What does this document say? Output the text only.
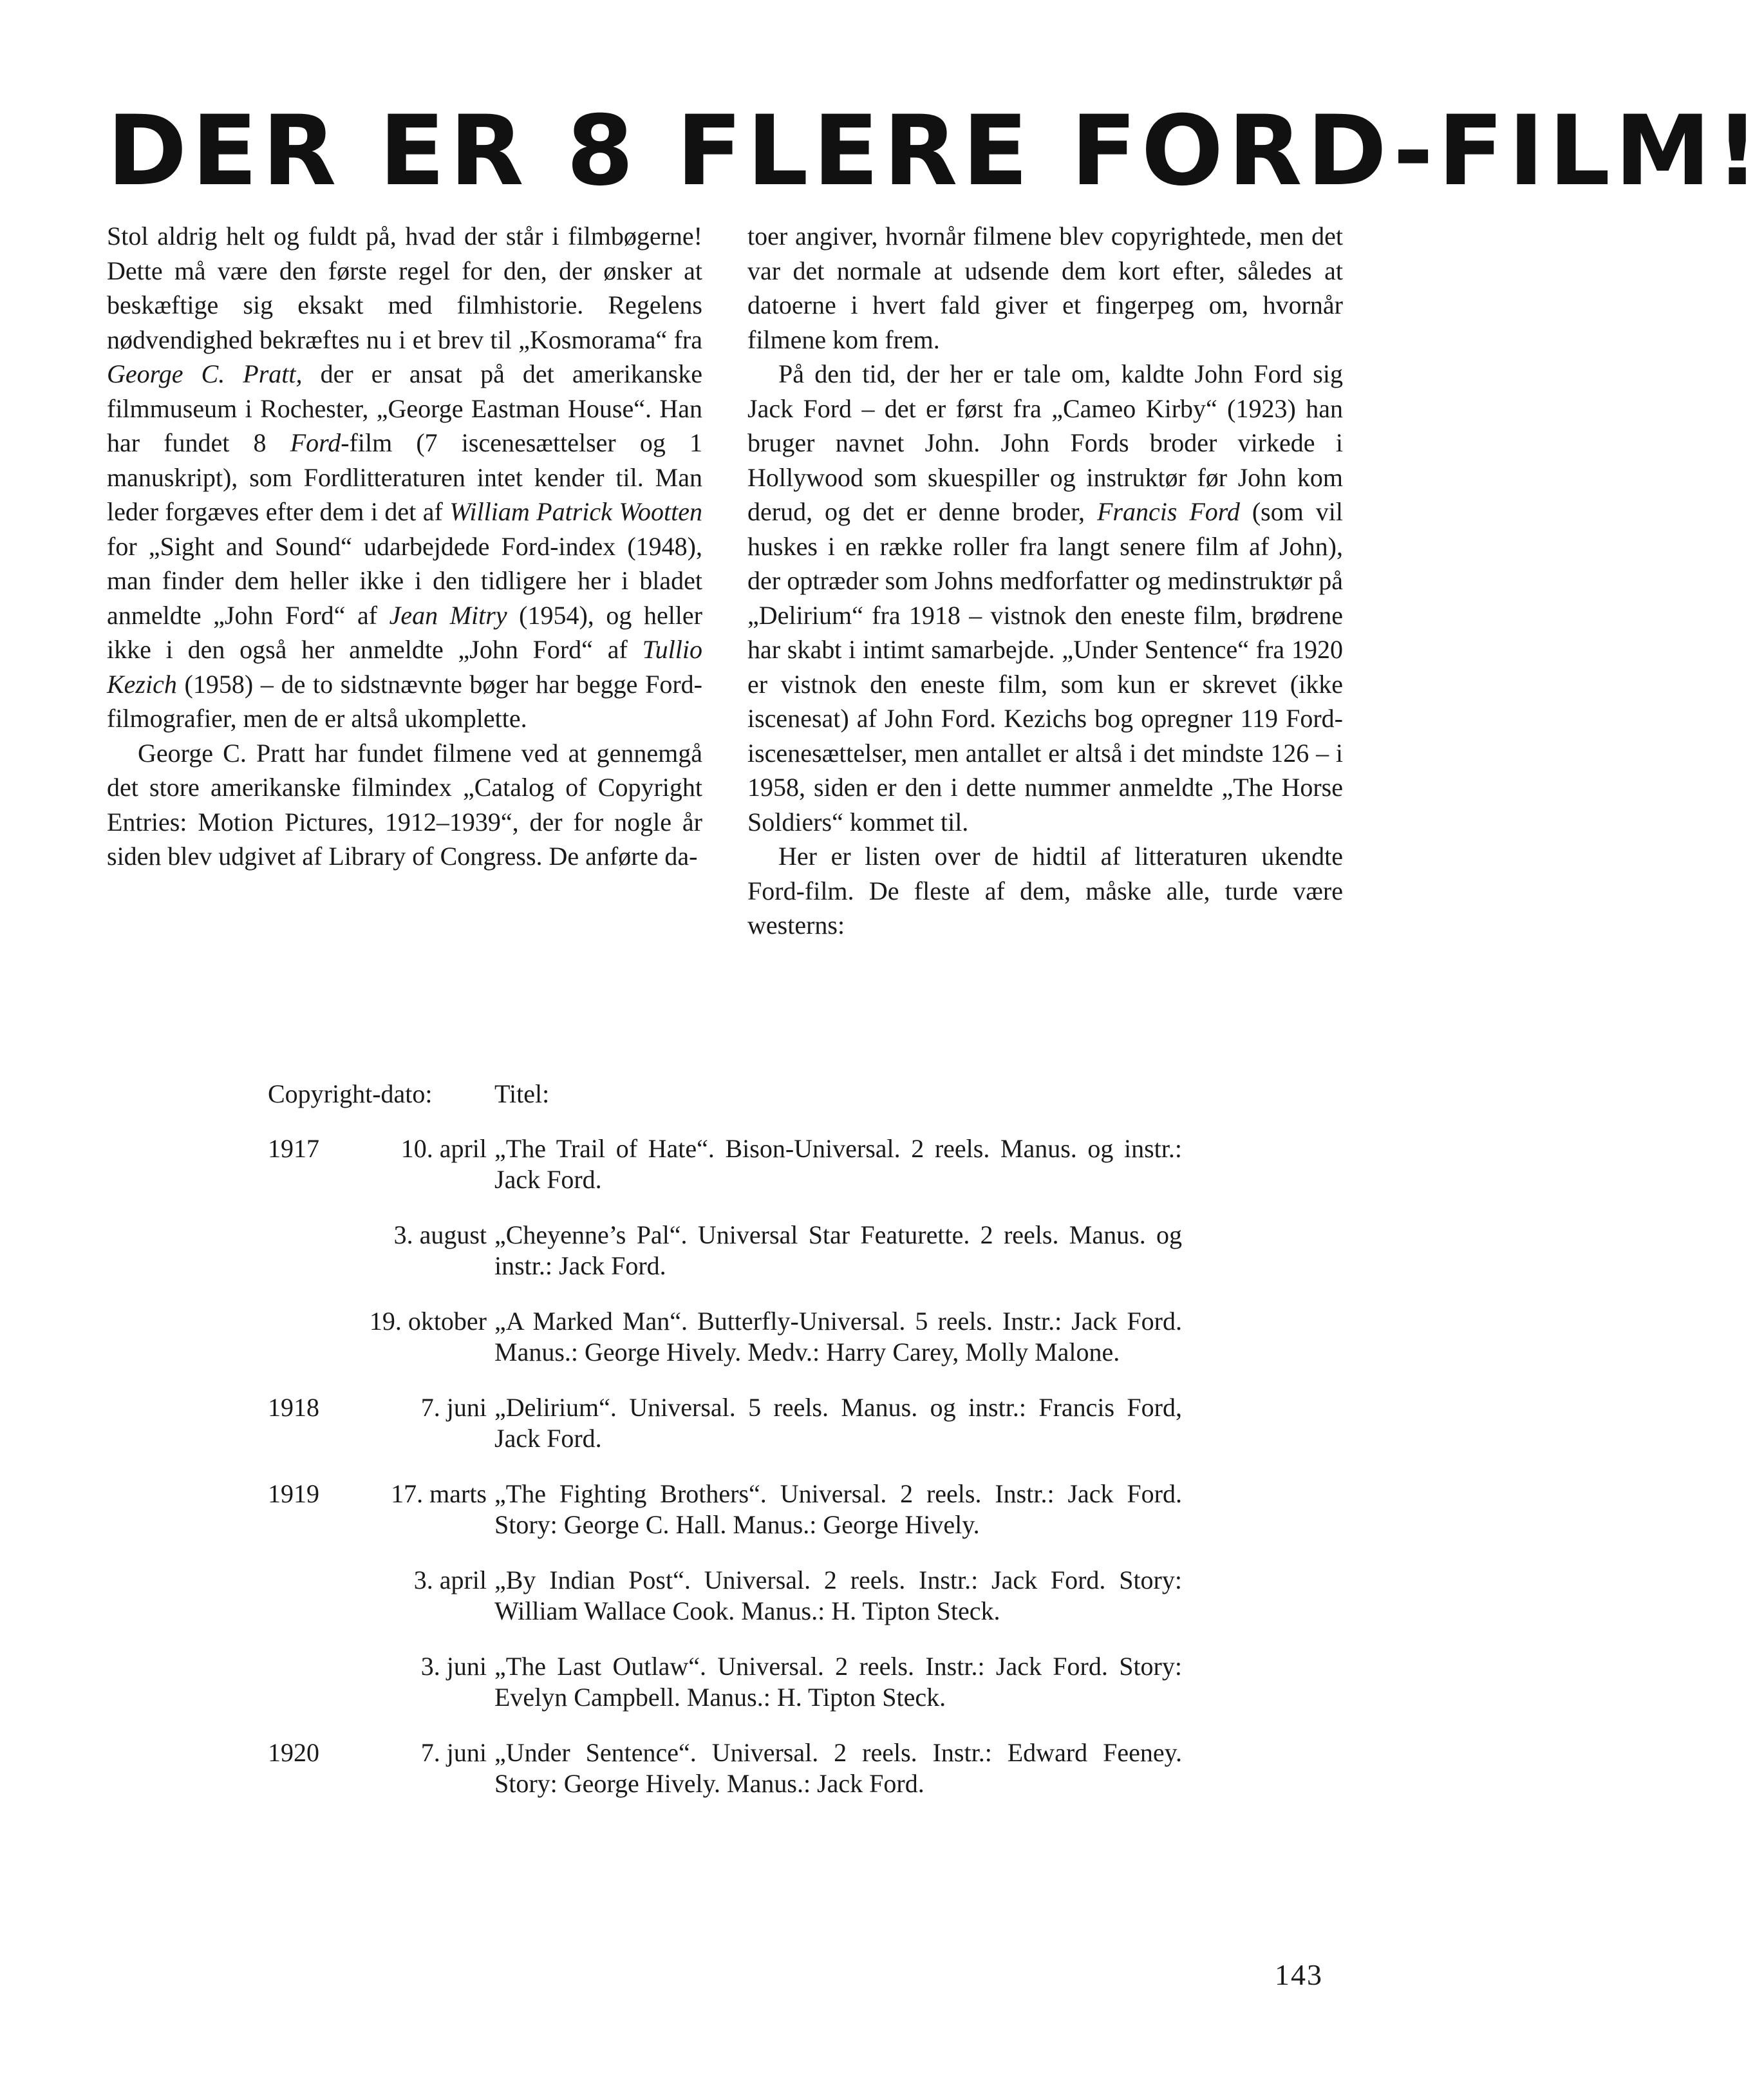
DER ER 8 FLERE FORD-FILM!

Stol aldrig helt og fuldt på, hvad der står i filmbøgerne! Dette må være den første regel for den, der ønsker at beskæftige sig eksakt med filmhistorie. Regelens nødvendighed bekræftes nu i et brev til „Kosmorama“ fra George C. Pratt, der er ansat på det amerikanske filmmuseum i Rochester, „George Eastman House“. Han har fundet 8 Ford-film (7 iscenesættelser og 1 manuskript), som Fordlitteraturen intet kender til. Man leder forgæves efter dem i det af William Patrick Wootten for „Sight and Sound“ udarbejdede Ford-index (1948), man finder dem heller ikke i den tidligere her i bladet anmeldte „John Ford“ af Jean Mitry (1954), og heller ikke i den også her anmeldte „John Ford“ af Tullio Kezich (1958) – de to sidstnævnte bøger har begge Ford-filmografier, men de er altså ukomplette.

George C. Pratt har fundet filmene ved at gennemgå det store amerikanske filmindex „Catalog of Copyright Entries: Motion Pictures, 1912–1939“, der for nogle år siden blev udgivet af Library of Congress. De anførte da-

toer angiver, hvornår filmene blev copyrightede, men det var det normale at udsende dem kort efter, således at datoerne i hvert fald giver et fingerpeg om, hvornår filmene kom frem.

På den tid, der her er tale om, kaldte John Ford sig Jack Ford – det er først fra „Cameo Kirby“ (1923) han bruger navnet John. John Fords broder virkede i Hollywood som skuespiller og instruktør før John kom derud, og det er denne broder, Francis Ford (som vil huskes i en række roller fra langt senere film af John), der optræder som Johns medforfatter og medinstruktør på „Delirium“ fra 1918 – vistnok den eneste film, brødrene har skabt i intimt samarbejde. „Under Sentence“ fra 1920 er vistnok den eneste film, som kun er skrevet (ikke iscenesat) af John Ford. Kezichs bog opregner 119 Ford-iscenesættelser, men antallet er altså i det mindste 126 – i 1958, siden er den i dette nummer anmeldte „The Horse Soldiers“ kommet til.

Her er listen over de hidtil af litteraturen ukendte Ford-film. De fleste af dem, måske alle, turde være westerns:

Copyright-dato:	Titel:
1917	10. april „The Trail of Hate“. Bison-Universal. 2 reels. Manus. og instr.: Jack Ford.
3. august „Cheyenne’s Pal“. Universal Star Featurette. 2 reels. Manus. og instr.: Jack Ford.
19. oktober „A Marked Man“. Butterfly-Universal. 5 reels. Instr.: Jack Ford. Manus.: George Hively. Medv.: Harry Carey, Molly Malone.
1918	7. juni „Delirium“. Universal. 5 reels. Manus. og instr.: Francis Ford, Jack Ford.
1919	17. marts „The Fighting Brothers“. Universal. 2 reels. Instr.: Jack Ford. Story: George C. Hall. Manus.: George Hively.
3. april „By Indian Post“. Universal. 2 reels. Instr.: Jack Ford. Story: William Wallace Cook. Manus.: H. Tipton Steck.
3. juni „The Last Outlaw“. Universal. 2 reels. Instr.: Jack Ford. Story: Evelyn Campbell. Manus.: H. Tipton Steck.
1920	7. juni „Under Sentence“. Universal. 2 reels. Instr.: Edward Feeney. Story: George Hively. Manus.: Jack Ford.
143
